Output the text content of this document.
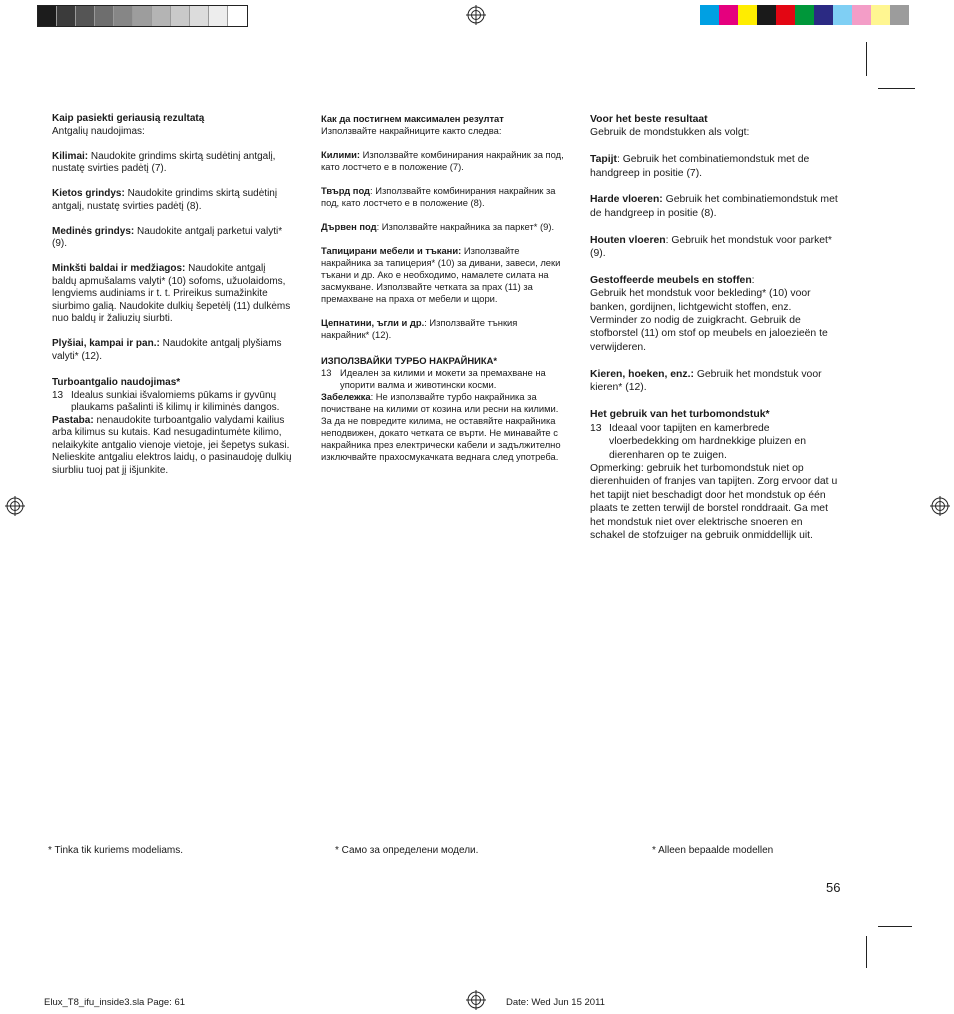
Kaip pasiekti geriausią rezultatą

Antgalių naudojimas:

Kilimai: Naudokite grindims skirtą sudėtinį antgalį, nustatę svirties padėtį (7).

Kietos grindys: Naudokite grindims skirtą sudėtinį antgalį, nustatę svirties padėtį (8).

Medinės grindys: Naudokite antgalį parketui valyti* (9).

Minkšti baldai ir medžiagos: Naudokite antgalį baldų apmušalams valyti* (10) sofoms, užuolaidoms, lengviems audiniams ir t. t. Prireikus sumažinkite siurbimo galią. Naudokite dulkių šepetėlį (11) dulkėms nuo baldų ir žaliuzių siurbti.

Plyšiai, kampai ir pan.: Naudokite antgalį plyšiams valyti* (12).

Turboantgalio naudojimas*

13 Idealus sunkiai išvalomiems pūkams ir gyvūnų plaukams pašalinti iš kilimų ir kiliminės dangos.

Pastaba: nenaudokite turboantgalio valydami kailius arba kilimus su kutais. Kad nesugadintumėte kilimo, nelaikykite antgalio vienoje vietoje, jei šepetys sukasi. Nelieskite antgaliu elektros laidų, o pasinaudoję dulkių siurbliu tuoj pat jį išjunkite.

Как да постигнем максимален резултат

Използвайте накрайниците както следва:

Килими: Използвайте комбинирания накрайник за под, като лостчето е в положение (7).

Твърд под: Използвайте комбинирания накрайник за под, като лостчето е в положение (8).

Дървен под: Използвайте накрайника за паркет* (9).

Тапицирани мебели и тъкани: Използвайте накрайника за тапицерия* (10) за дивани, завеси, леки тъкани и др. Ако е необходимо, намалете силата на засмукване. Използвайте четката за прах (11) за премахване на праха от мебели и щори.

Цепнатини, ъгли и др.: Използвайте тънкия накрайник* (12).

ИЗПОЛЗВАЙКИ ТУРБО НАКРАЙНИКА*

13 Идеален за килими и мокети за премахване на упорити валма и животински косми.

Забележка: Не използвайте турбо накрайника за почистване на килими от козина или ресни на килими. За да не повредите килима, не оставяйте накрайника неподвижен, докато четката се върти. Не минавайте с накрайника през електрически кабели и задължително изключвайте прахосмукачката веднага след употреба.

Voor het beste resultaat

Gebruik de mondstukken als volgt:

Tapijt: Gebruik het combinatiemondstuk met de handgreep in positie (7).

Harde vloeren: Gebruik het combinatiemondstuk met de handgreep in positie (8).

Houten vloeren: Gebruik het mondstuk voor parket* (9).

Gestoffeerde meubels en stoffen:

Gebruik het mondstuk voor bekleding* (10) voor banken, gordijnen, lichtgewicht stoffen, enz. Verminder zo nodig de zuigkracht. Gebruik de stofborstel (11) om stof op meubels en jaloezieën te verwijderen.

Kieren, hoeken, enz.: Gebruik het mondstuk voor kieren* (12).

Het gebruik van het turbomondstuk*

13 Ideaal voor tapijten en kamerbrede vloerbedekking om hardnekkige pluizen en dierenharen op te zuigen.

Opmerking: gebruik het turbomondstuk niet op dierenhuiden of franjes van tapijten. Zorg ervoor dat u het tapijt niet beschadigt door het mondstuk op één plaats te zetten terwijl de borstel ronddraait. Ga met het mondstuk niet over elektrische snoeren en schakel de stofzuiger na gebruik onmiddellijk uit.

* Tinka tik kuriems modeliams.	* Само за определени модели.	* Alleen bepaalde modellen
56
Elux_T8_ifu_inside3.sla Page: 61	Date: Wed Jun 15 2011
